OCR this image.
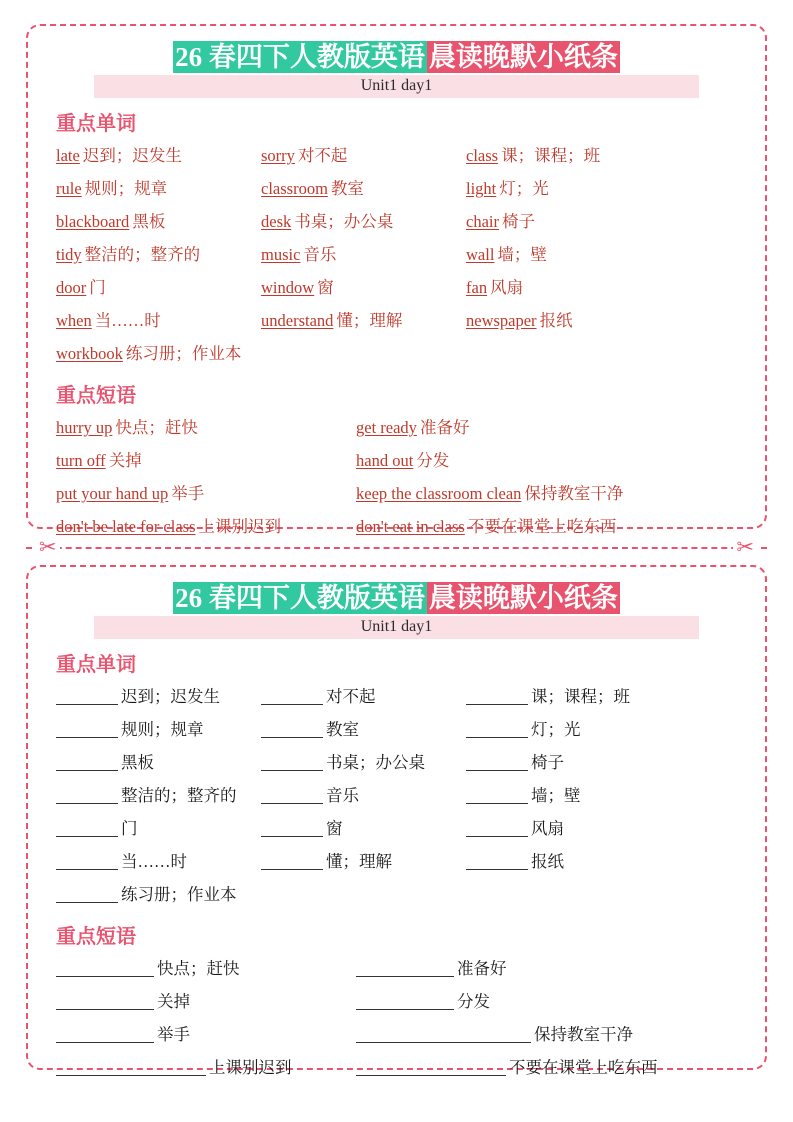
26 春四下人教版英语 晨读晚默小纸条
Unit1 day1
重点单词
late 迟到；迟发生	sorry 对不起	class 课；课程；班
rule 规则；规章	classroom 教室	light 灯；光
blackboard 黑板	desk 书桌；办公桌	chair 椅子
tidy 整洁的；整齐的	music 音乐	wall 墙；壁
door 门	window 窗	fan 风扇
when 当……时	understand 懂；理解	newspaper 报纸
workbook 练习册；作业本
重点短语
hurry up 快点；赶快	get ready 准备好
turn off 关掉	hand out 分发
put your hand up 举手	keep the classroom clean 保持教室干净
don't be late for class 上课别迟到	don't eat in class 不要在课堂上吃东西
✂	✂
26 春四下人教版英语 晨读晚默小纸条
Unit1 day1
重点单词
迟到；迟发生	对不起	课；课程；班
规则；规章	教室	灯；光
黑板	书桌；办公桌	椅子
整洁的；整齐的	音乐	墙；壁
门	窗	风扇
当……时	懂；理解	报纸
练习册；作业本
重点短语
快点；赶快	准备好
关掉	分发
举手	保持教室干净
上课别迟到	不要在课堂上吃东西
